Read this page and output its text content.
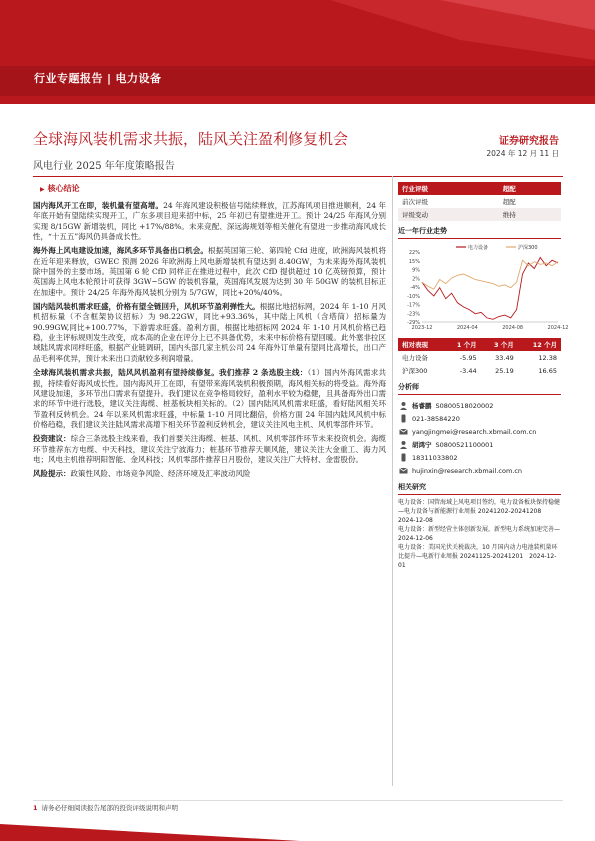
行业专题报告 | 电力设备
全球海风装机需求共振，陆风关注盈利修复机会
风电行业 2025 年年度策略报告
证券研究报告
2024 年 12 月 11 日
▶ 核心结论

国内海风开工在即，装机量有望高增。24 年海风建设积极信号陆续释放，江苏海风项目推进顺利，24 年年底开始有望陆续实现开工，广东多项目迎来招中标，25 年初已有望推进开工。预计 24/25 年海风分别实现 8/15GW 新增装机，同比 +17%/88%。未来竞配、深远海规划等相关催化有望进一步推动海风成长性，“十五五”海风仍具备成长性。

海外海上风电建设加速，海风多环节具备出口机会。根据英国第三轮、第四轮 Cfd 进度，欧洲海风装机将在近年迎来释放，GWEC 预测 2026 年欧洲海上风电新增装机有望达到 8.40GW，为未来海外海风装机除中国外的主要市场。英国第 6 轮 CfD 同样正在推进过程中，此次 CfD 提供超过 10 亿英镑预算，预计英国海上风电本轮预计可获得 3GW~5GW 的装机容量，英国海风发展为达到 30 年 50GW 的装机目标正在加速中。预计 24/25 年海外海风装机分别为 5/7GW，同比+20%/40%。

国内陆风装机需求旺盛，价格有望全链回升，风机环节盈利弹性大。根据比地招标网，2024 年 1-10 月风机招标量（不含框架协议招标）为 98.22GW，同比+93.36%，其中陆上风机（含塔筒）招标量为 90.99GW,同比+100.77%，下游需求旺盛。盈利方面，根据比地招标网 2024 年 1-10 月风机价格已趋稳，业主评标规则发生改变，成本高的企业在评分上已不具备优势，未来中标价格有望回暖。此外塞非拉区域陆风需求同样旺盛，根据产业链调研，国内头部几家主机公司 24 年海外订单量有望同比高增长，出口产品毛利率优异，预计未来出口贡献较多利润增量。

全球海风装机需求共振，陆风风机盈利有望持续修复。我们推荐 2 条选股主线：（1）国内外海风需求共振，持续看好海风成长性。国内海风开工在即，有望带来海风装机积极预期，海风相关标的将受益。海外海风建设加速，多环节出口需求有望提升。我们建议在竞争格局较好，盈利水平较为稳健，且具备海外出口需求的环节中进行选股，建议关注海缆、桩基板块相关标的。（2）国内陆风风机需求旺盛，看好陆风相关环节盈利反转机会。24 年以来风机需求旺盛，中标量 1-10 月同比翻倍，价格方面 24 年国内陆风风机中标价格趋稳，我们建议关注陆风需求高增下相关环节盈利反转机会，建议关注风电主机、风机零部件环节。

投资建议：综合三条选股主线来看，我们首要关注海缆、桩基、风机、风机零部件环节未来投资机会。海缆环节推荐东方电缆、中天科技，建议关注宁波海力；桩基环节推荐天顺风能，建议关注大金重工、海力风电；风电主机推荐明阳智能、金风科技；风机零部件推荐日月股份，建议关注广大特材、金雷股份。

风险提示：政策性风险、市场竞争风险、经济环境及汇率波动风险

行业评级	超配
前次评级	超配
评级变动	维持
近一年行业走势
22%
15%
9%
2%
-4%
-10%
-17%
-23%
-29%
2023-12	2024-04	2024-08	2024-12
电力设备	沪深300
相对表现	1 个月	3 个月	12 个月
电力设备	-5.95	33.49	12.38
沪深300	-3.44	25.19	16.65
分析师
杨睿鹏 S0800518020002
021-38584220
yangjingmei@research.xbmail.com.cn
胡鸿宁 S0800521100001
18311033802
hujinxin@research.xbmail.com.cn
相关研究
电力设备：国管海域上风电项目签约，电力设备板块保持稳健—电力设备与新能源行业周报 20241202-20241208　2024-12-08
电力设备：新型经营主体创新发展，新型电力系统加速完善—　2024-12-06
电力设备：美国光伏关税裁决，10 月国内动力电池装机量环比提升—电新行业周报 20241125-20241201　2024-12-01
1 请务必仔细阅读报告尾部的投资评级说明和声明
